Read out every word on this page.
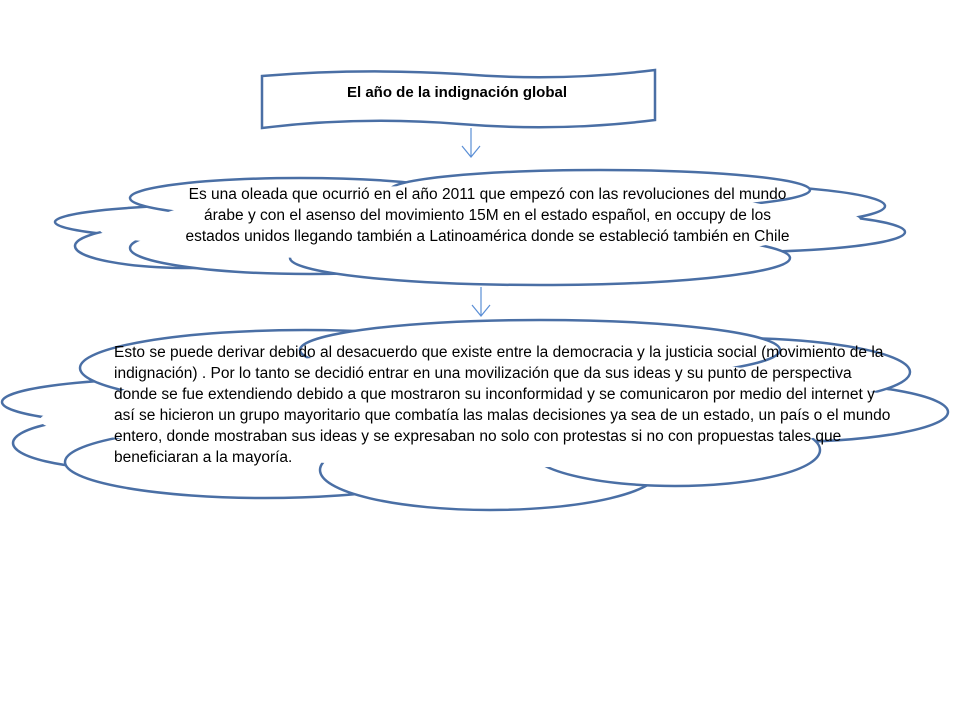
El año de la indignación global
Es una oleada que ocurrió en el año 2011 que empezó con las revoluciones del mundo árabe y con el asenso del movimiento 15M en el estado español, en occupy de los estados unidos llegando también a Latinoamérica donde se estableció también en Chile
Esto se puede derivar debido al desacuerdo que existe entre la democracia y la justicia social (movimiento de la indignación) . Por lo tanto se decidió entrar en una movilización que da sus ideas y su punto de perspectiva donde se fue extendiendo debido a que mostraron su inconformidad y se comunicaron por medio del internet y así se hicieron un grupo mayoritario que combatía las malas decisiones ya sea de un estado, un país o el mundo entero, donde mostraban sus ideas y se expresaban no solo con protestas si no con propuestas tales que beneficiaran a la mayoría.
